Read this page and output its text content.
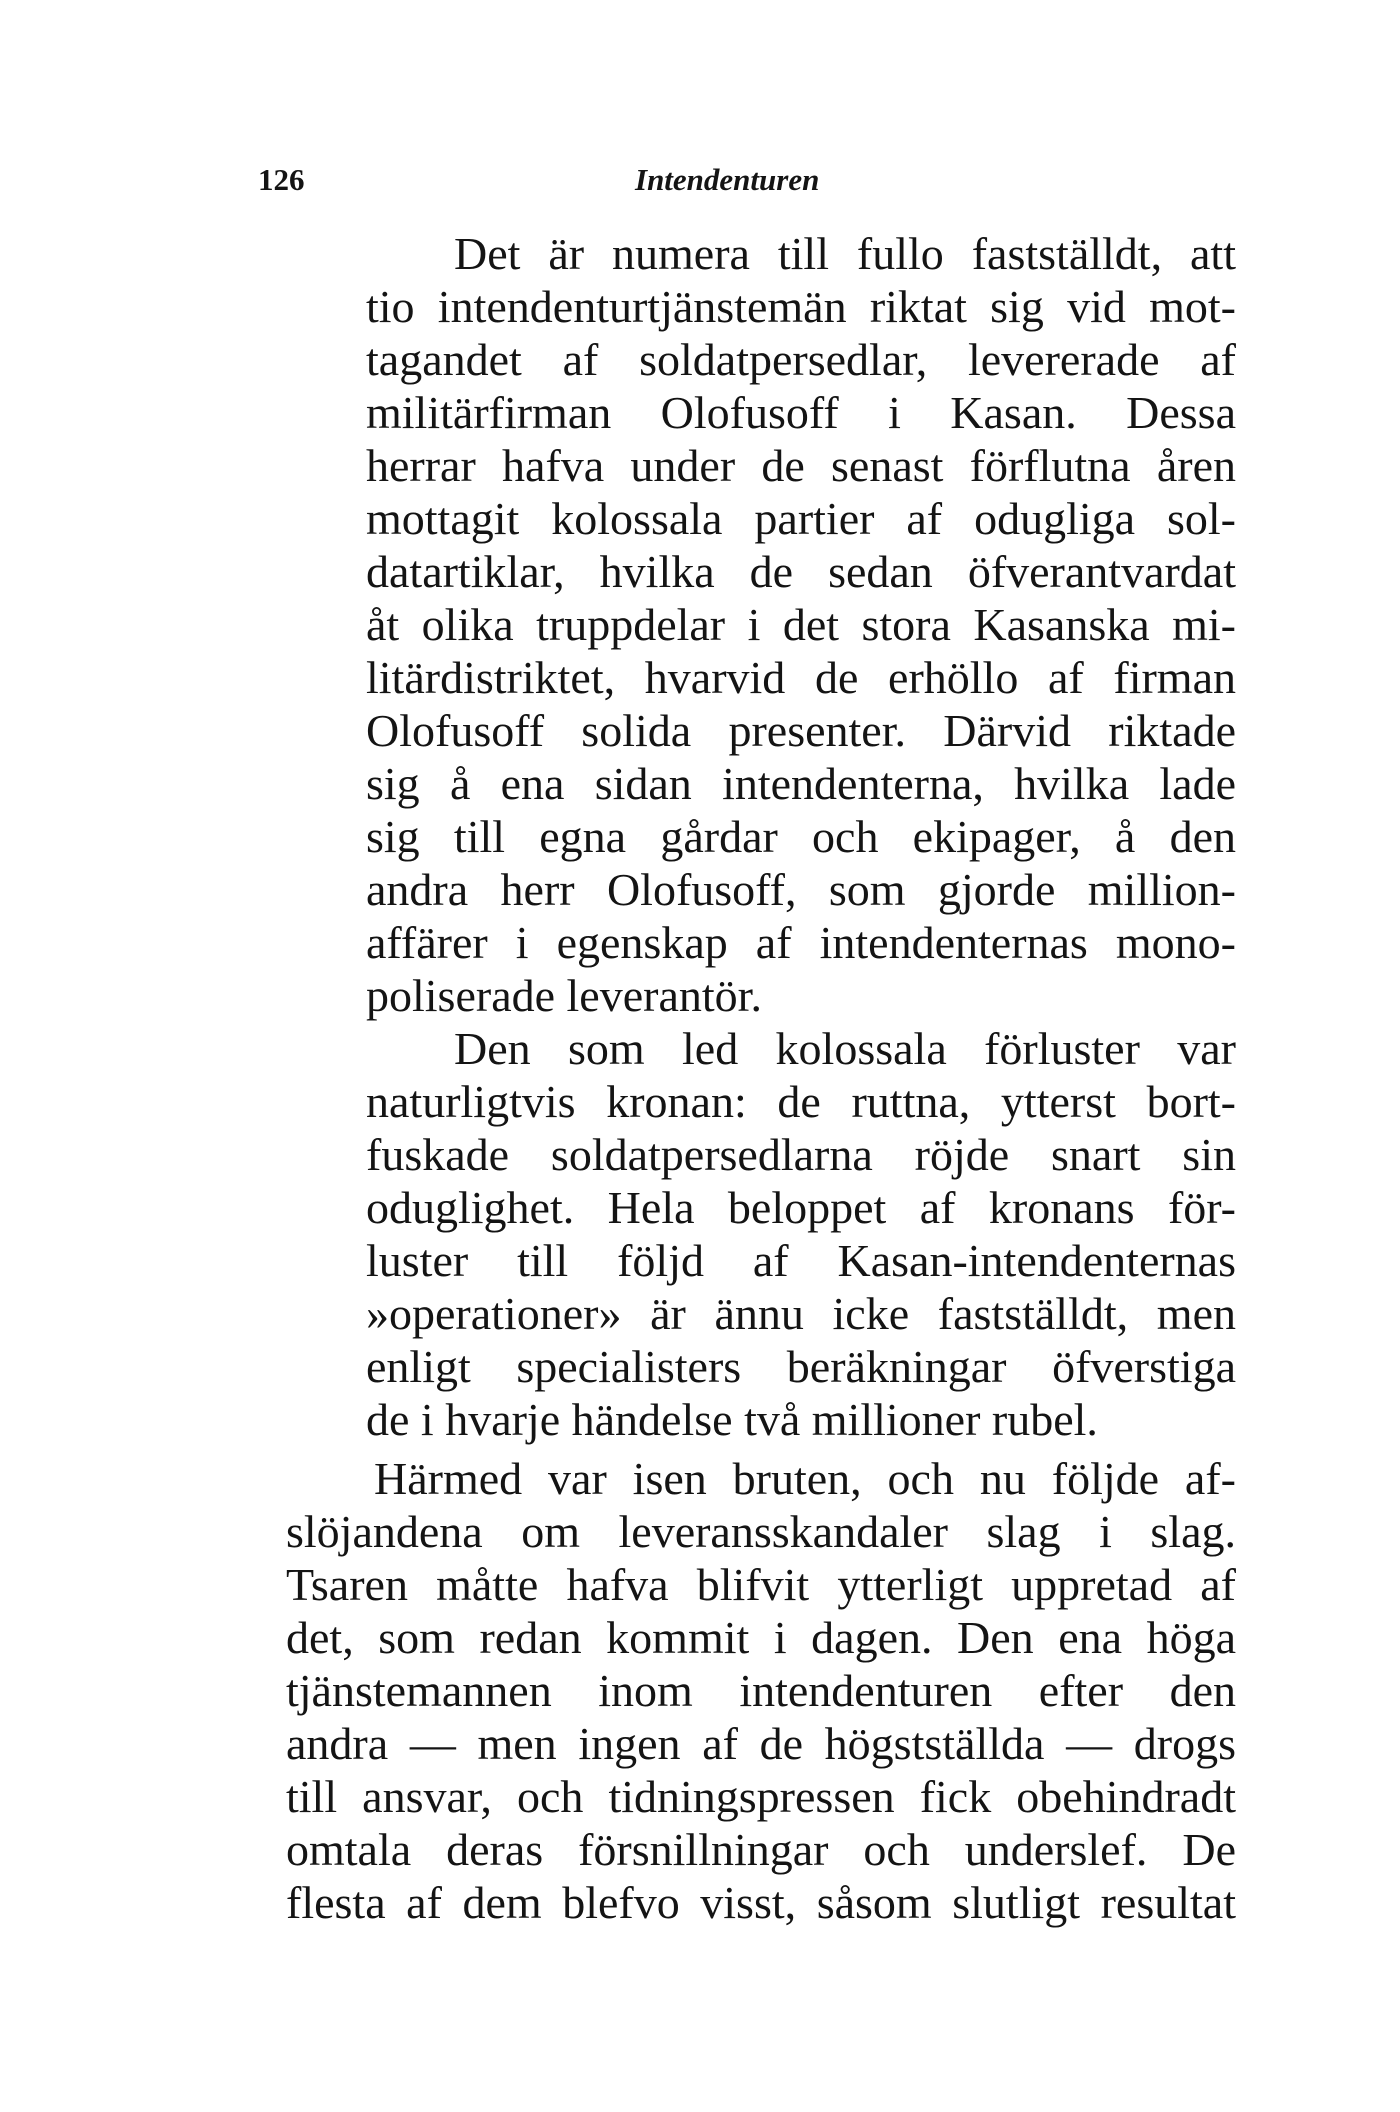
126	Intendenturen
Det är numera till fullo fastställdt, att
tio intendenturtjänstemän riktat sig vid mot-
tagandet af soldatpersedlar, levererade af
militärfirman Olofusoff i Kasan. Dessa
herrar hafva under de senast förflutna åren
mottagit kolossala partier af odugliga sol-
datartiklar, hvilka de sedan öfverantvardat
åt olika truppdelar i det stora Kasanska mi-
litärdistriktet, hvarvid de erhöllo af firman
Olofusoff solida presenter. Därvid riktade
sig å ena sidan intendenterna, hvilka lade
sig till egna gårdar och ekipager, å den
andra herr Olofusoff, som gjorde million-
affärer i egenskap af intendenternas mono-
poliserade leverantör.
Den som led kolossala förluster var
naturligtvis kronan: de ruttna, ytterst bort-
fuskade soldatpersedlarna röjde snart sin
oduglighet. Hela beloppet af kronans för-
luster till följd af Kasan-intendenternas
»operationer» är ännu icke fastställdt, men
enligt specialisters beräkningar öfverstiga
de i hvarje händelse två millioner rubel.
Härmed var isen bruten, och nu följde af-
slöjandena om leveransskandaler slag i slag.
Tsaren måtte hafva blifvit ytterligt uppretad af
det, som redan kommit i dagen. Den ena höga
tjänstemannen inom intendenturen efter den
andra — men ingen af de högstställda — drogs
till ansvar, och tidningspressen fick obehindradt
omtala deras försnillningar och underslef. De
flesta af dem blefvo visst, såsom slutligt resultat
